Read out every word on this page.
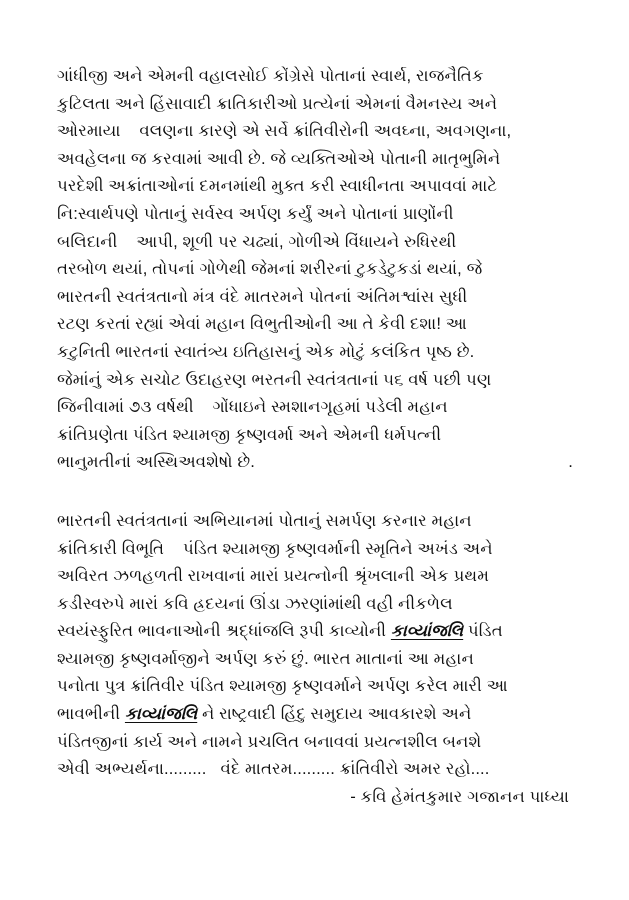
ગાંધીજી અને એમની વહાલસોઈ કોંગ્રેસે પોતાનાં સ્વાર્થ, રાજનૈતિક
કુટિલતા અને હિંસાવાદી ક્રાતિકારીઓ પ્રત્યેનાં એમનાં વૈમનસ્ય અને
ઓરમાયા    વલણના કારણે એ સર્વે ક્રાંતિવીરોની અવઘ્ના, અવગણના,
અવહેલના જ કરવામાં આવી છે. જે વ્યક્તિઓએ પોતાની માતૃભુમિને
પરદેશી અક્રાંતાઓનાં દમનમાંથી મુક્ત કરી સ્વાધીનતા અપાવવાં માટે
નિ:સ્વાર્થપણે પોતાનું સર્વસ્વ અર્પણ કર્યું અને પોતાનાં પ્રાણોંની
બલિદાની    આપી, શૂળી પર ચઢ્યાં, ગોળીએ વિંધાયને રુધિરથી
તરબોળ થયાં, તોપનાં ગોળેથી જેમનાં શરીરનાં ટુકડેટુકડાં થયાં, જે
ભારતની સ્વતંત્રતાનો મંત્ર વંદે માતરમને પોતનાં અંતિમશ્વાંસ સુધી
રટણ કરતાં રહ્યાં એવાં મહાન વિભુતીઓની આ તે કેવી દશા! આ
કટુનિતી ભારતનાં સ્વાતંત્ર્ય ઇતિહાસનું એક મોટું કલંકિત પૃષ્ઠ છે.
જેમાંનું એક સચોટ ઉદાહરણ ભરતની સ્વતંત્રતાનાં ૫૬ વર્ષ પછી પણ
જિનીવામાં ૭૩ વર્ષથી    ગોંધાઇને સ્મશાનગૃહમાં પડેલી મહાન
ક્રાંતિપ્રણેતા પંડિત શ્યામજી કૃષ્ણવર્મા અને એમની ધર્મપત્ની
ભાનુમતીનાં અસ્થિઅવશેષો છે.	.
ભારતની સ્વતંત્રતાનાં અભિયાનમાં પોતાનું સમર્પણ કરનાર મહાન
ક્રાંતિકારી વિભૂતિ    પંડિત શ્યામજી કૃષ્ણવર્માની સ્મૃતિને અખંડ અને
અવિરત ઝળહળતી રાખવાનાં મારાં પ્રયત્નોની શ્રૃંખલાની એક પ્રથમ
કડીસ્વરુપે મારાં કવિ હ્રદયનાં ઊંડા ઝરણાંમાંથી વહી નીકળેલ
સ્વયંસ્ફુરિત ભાવનાઓની શ્રદ્ધાંજલિ રૂપી કાવ્યોની કાવ્યાંજલિ પંડિત
શ્યામજી કૃષ્ણવર્માજીને અર્પણ કરું છું. ભારત માતાનાં આ મહાન
પનોતા પુત્ર ક્રાંતિવીર પંડિત શ્યામજી કૃષ્ણવર્માને અર્પણ કરેલ મારી આ
ભાવભીની કાવ્યાંજલિ ને રાષ્ટ્રવાદી હિંદુ સમુદાય આવકારશે અને
પંડિતજીનાં કાર્ય અને નામને પ્રચલિત બનાવવાં પ્રયત્નશીલ બનશે
એવી અભ્યર્થના.........   વંદે માતરમ......... ક્રાંતિવીરો અમર રહો....
- કવિ હેમંતકુમાર ગજાનન પાધ્યા
